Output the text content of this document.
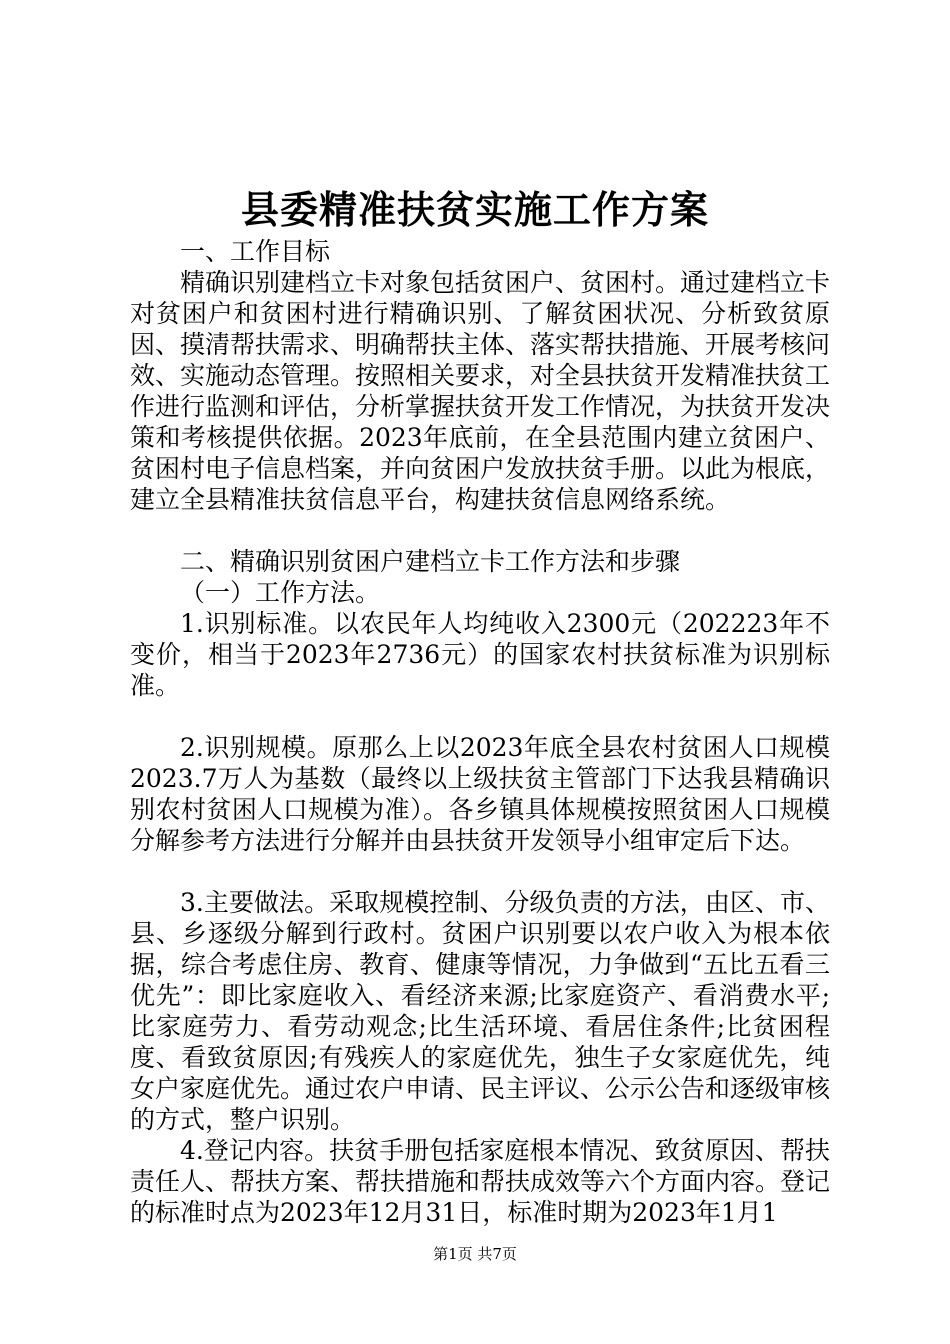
县委精准扶贫实施工作方案
一、工作目标

精确识别建档立卡对象包括贫困户、贫困村。通过建档立卡对贫困户和贫困村进行精确识别、了解贫困状况、分析致贫原因、摸清帮扶需求、明确帮扶主体、落实帮扶措施、开展考核问效、实施动态管理。按照相关要求，对全县扶贫开发精准扶贫工作进行监测和评估，分析掌握扶贫开发工作情况，为扶贫开发决策和考核提供依据。2023年底前，在全县范围内建立贫困户、贫困村电子信息档案，并向贫困户发放扶贫手册。以此为根底，建立全县精准扶贫信息平台，构建扶贫信息网络系统。

二、精确识别贫困户建档立卡工作方法和步骤
（一）工作方法。

1.识别标准。以农民年人均纯收入2300元（202223年不变价，相当于2023年2736元）的国家农村扶贫标准为识别标准。

2.识别规模。原那么上以2023年底全县农村贫困人口规模2023.7万人为基数（最终以上级扶贫主管部门下达我县精确识别农村贫困人口规模为准）。各乡镇具体规模按照贫困人口规模分解参考方法进行分解并由县扶贫开发领导小组审定后下达。

3.主要做法。采取规模控制、分级负责的方法，由区、市、县、乡逐级分解到行政村。贫困户识别要以农户收入为根本依据，综合考虑住房、教育、健康等情况，力争做到“五比五看三优先”：即比家庭收入、看经济来源;比家庭资产、看消费水平;比家庭劳力、看劳动观念;比生活环境、看居住条件;比贫困程度、看致贫原因;有残疾人的家庭优先，独生子女家庭优先，纯女户家庭优先。通过农户申请、民主评议、公示公告和逐级审核的方式，整户识别。

4.登记内容。扶贫手册包括家庭根本情况、致贫原因、帮扶责任人、帮扶方案、帮扶措施和帮扶成效等六个方面内容。登记的标准时点为2023年12月31日，标准时期为2023年1月1

第1页 共7页
